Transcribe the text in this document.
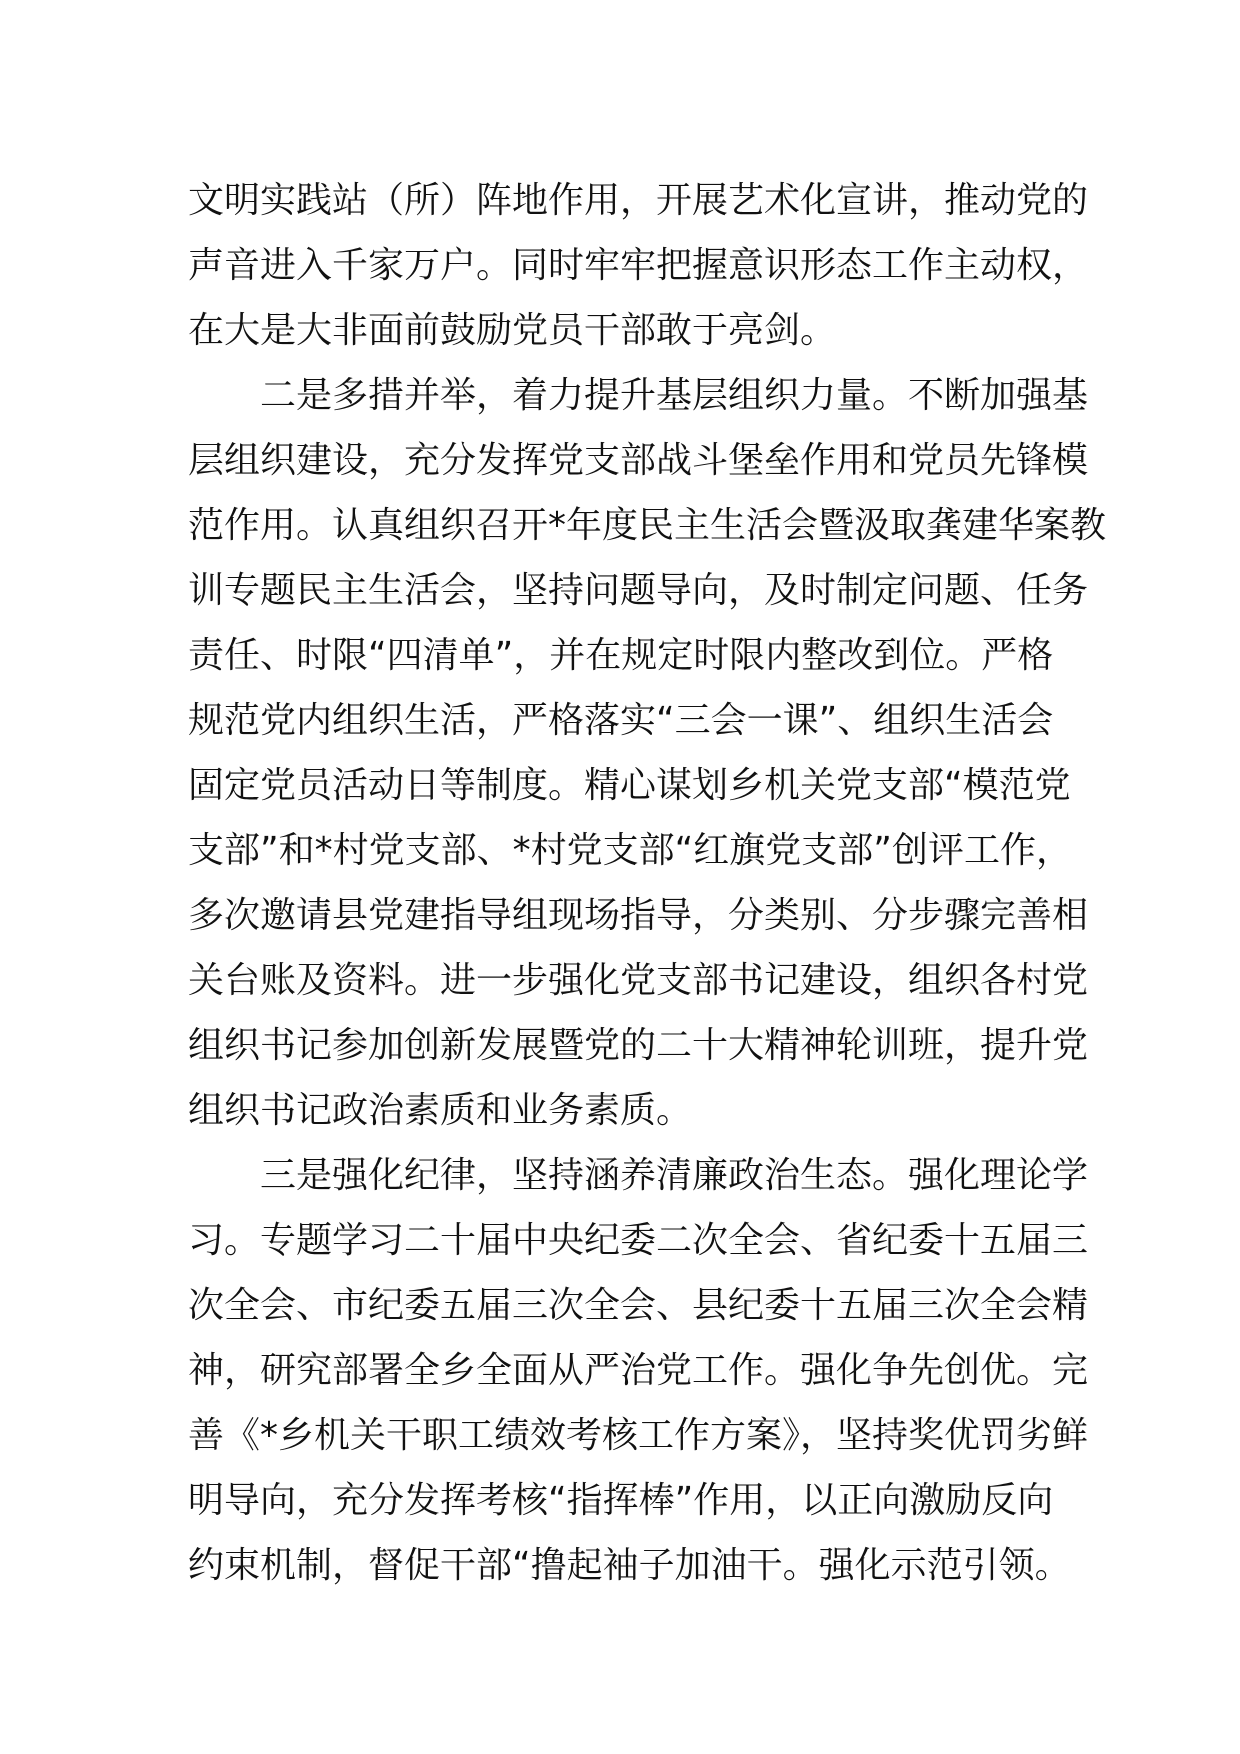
文明实践站（所）阵地作用，开展艺术化宣讲，推动党的
声音进入千家万户。同时牢牢把握意识形态工作主动权，
在大是大非面前鼓励党员干部敢于亮剑。
　　二是多措并举，着力提升基层组织力量。不断加强基
层组织建设，充分发挥党支部战斗堡垒作用和党员先锋模
范作用。认真组织召开*年度民主生活会暨汲取龚建华案教
训专题民主生活会，坚持问题导向，及时制定问题、任务
责任、时限“四清单”，并在规定时限内整改到位。严格
规范党内组织生活，严格落实“三会一课”、组织生活会
固定党员活动日等制度。精心谋划乡机关党支部“模范党
支部”和*村党支部、*村党支部“红旗党支部”创评工作，
多次邀请县党建指导组现场指导，分类别、分步骤完善相
关台账及资料。进一步强化党支部书记建设，组织各村党
组织书记参加创新发展暨党的二十大精神轮训班，提升党
组织书记政治素质和业务素质。
　　三是强化纪律，坚持涵养清廉政治生态。强化理论学
习。专题学习二十届中央纪委二次全会、省纪委十五届三
次全会、市纪委五届三次全会、县纪委十五届三次全会精
神，研究部署全乡全面从严治党工作。强化争先创优。完
善《*乡机关干职工绩效考核工作方案》，坚持奖优罚劣鲜
明导向，充分发挥考核“指挥棒”作用，以正向激励反向
约束机制，督促干部“撸起袖子加油干。强化示范引领。
